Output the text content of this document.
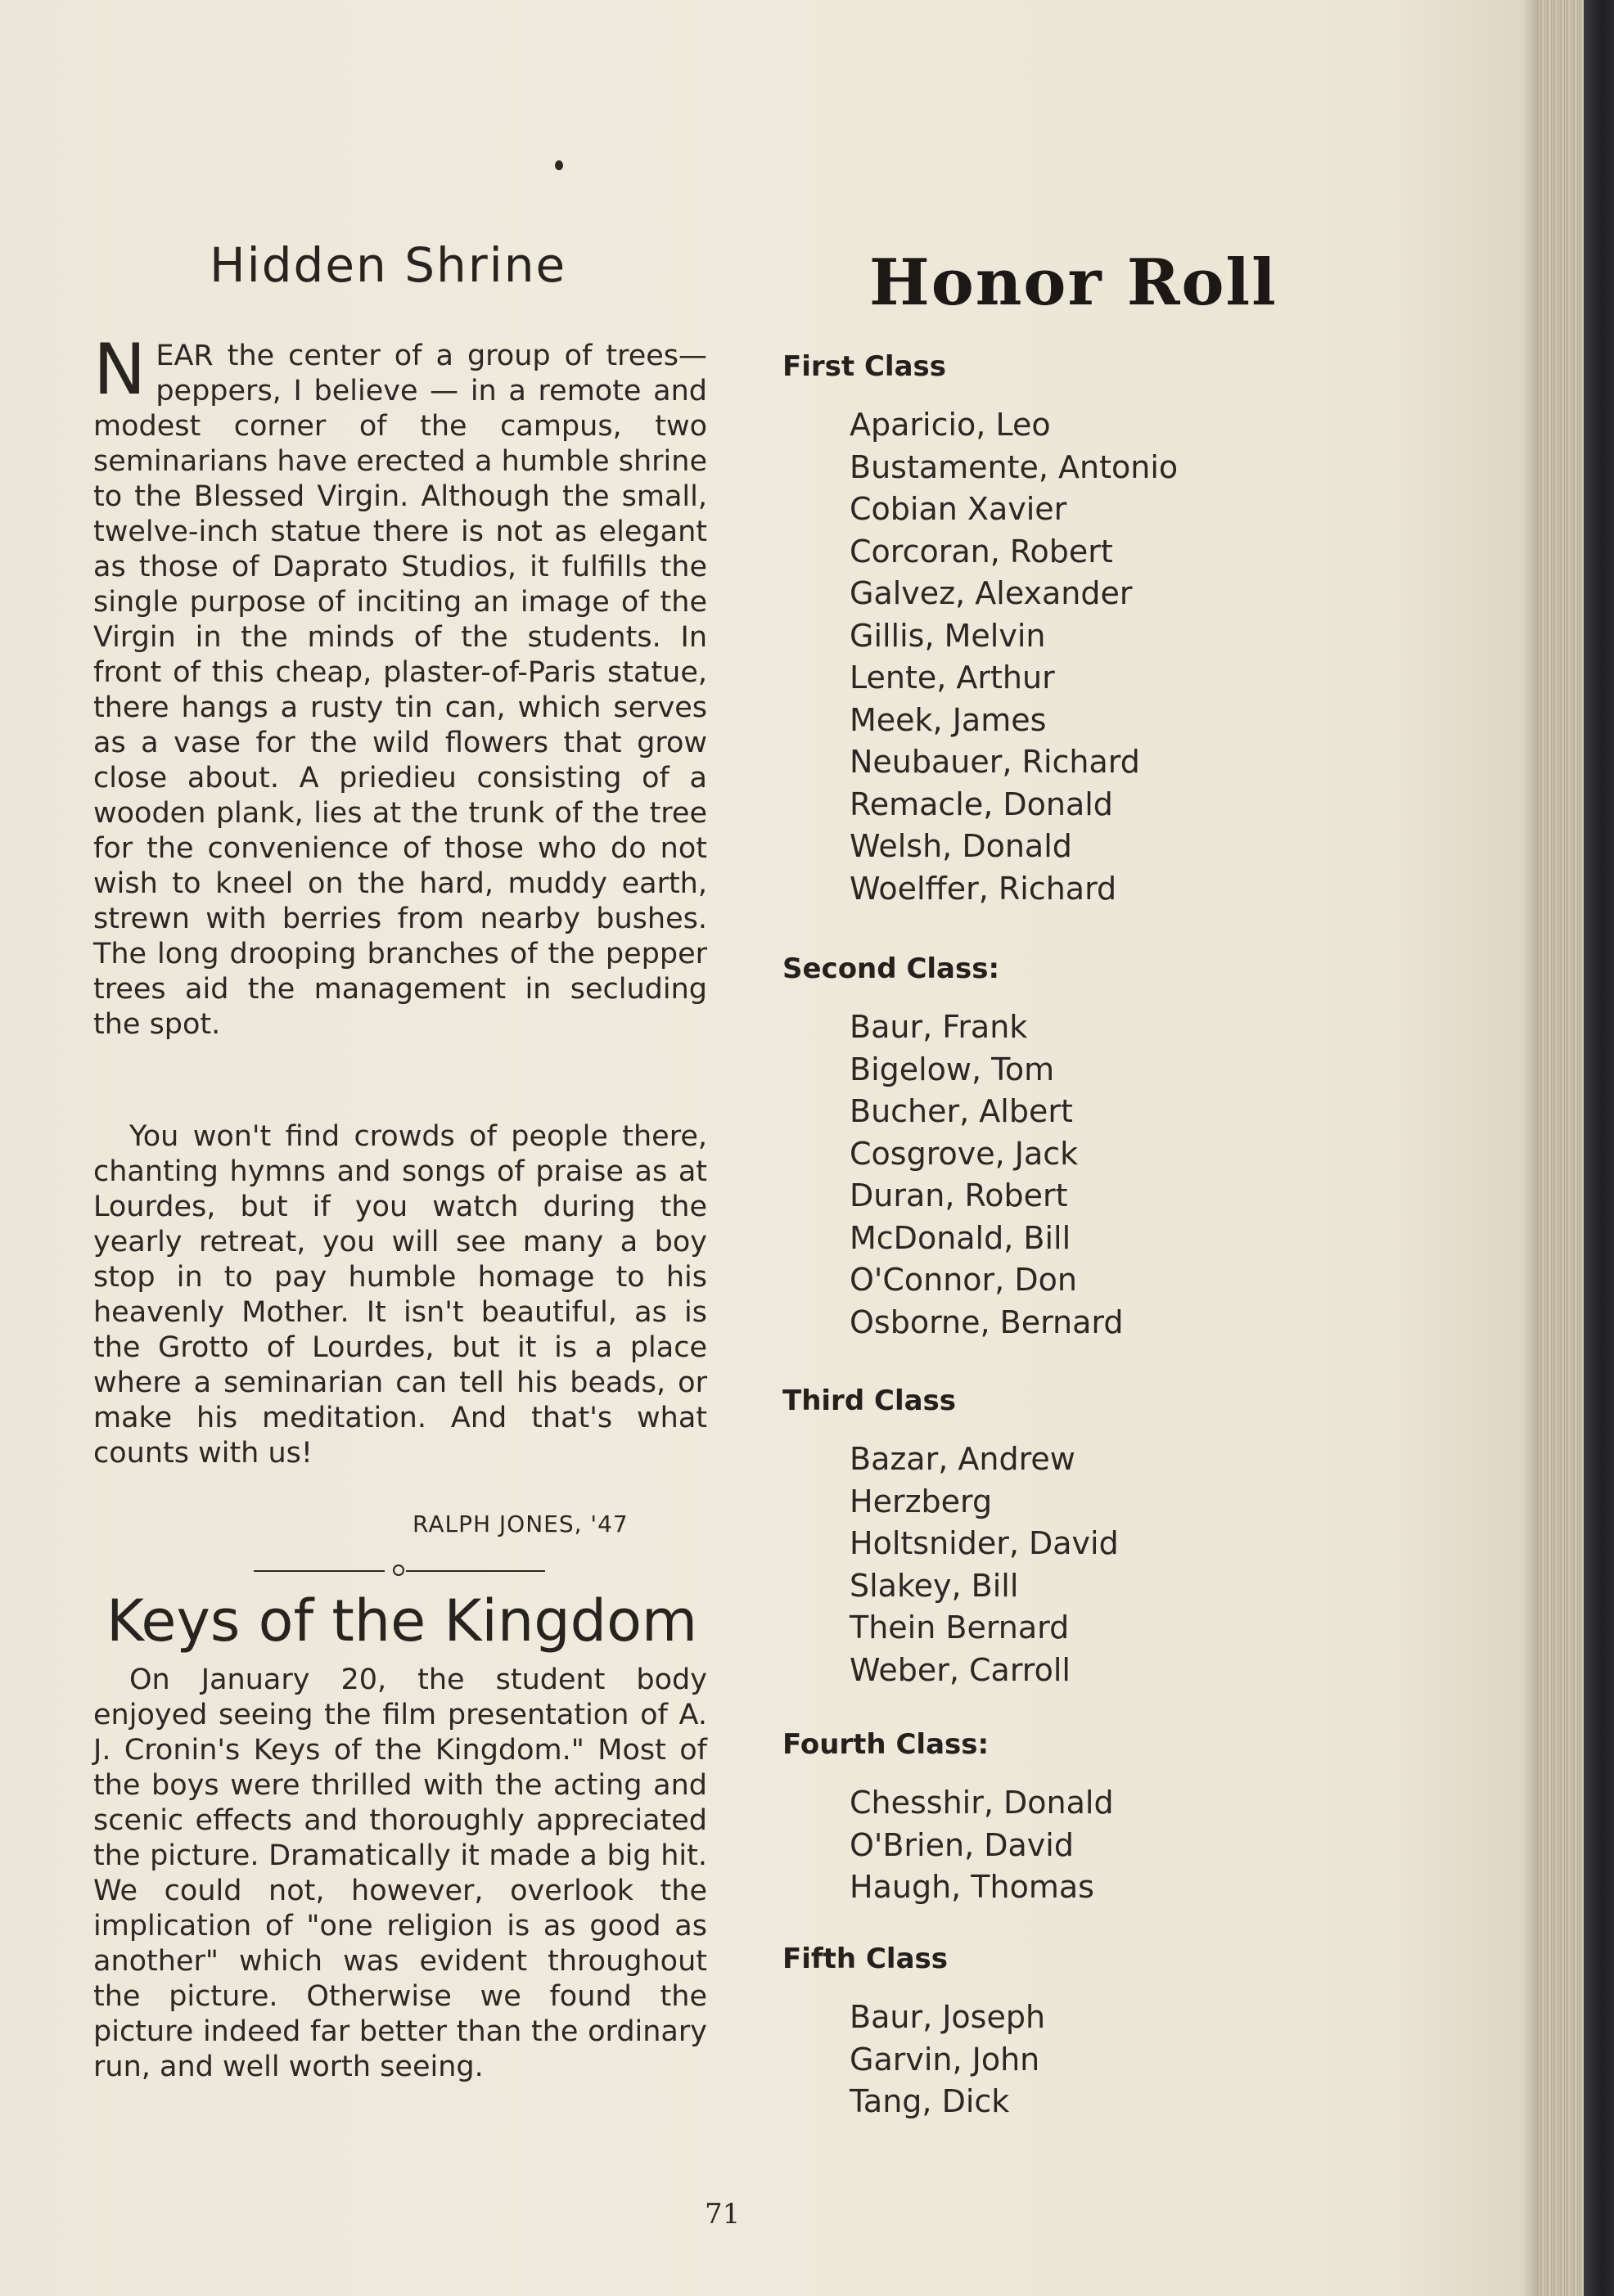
Hidden Shrine

NEAR the center of a group of trees—peppers, I believe — in a remote and modest corner of the campus, two seminarians have erected a humble shrine to the Blessed Virgin. Although the small, twelve-inch statue there is not as elegant as those of Daprato Studios, it fulfills the single purpose of inciting an image of the Virgin in the minds of the students. In front of this cheap, plaster-of-Paris statue, there hangs a rusty tin can, which serves as a vase for the wild flowers that grow close about. A priedieu consisting of a wooden plank, lies at the trunk of the tree for the convenience of those who do not wish to kneel on the hard, muddy earth, strewn with berries from nearby bushes. The long drooping branches of the pepper trees aid the management in secluding the spot.

You won't find crowds of people there, chanting hymns and songs of praise as at Lourdes, but if you watch during the yearly retreat, you will see many a boy stop in to pay humble homage to his heavenly Mother. It isn't beautiful, as is the Grotto of Lourdes, but it is a place where a seminarian can tell his beads, or make his meditation. And that's what counts with us!

RALPH JONES, '47

Keys of the Kingdom

On January 20, the student body enjoyed seeing the film presentation of A. J. Cronin's Keys of the Kingdom." Most of the boys were thrilled with the acting and scenic effects and thoroughly appreciated the picture. Dramatically it made a big hit. We could not, however, overlook the implication of "one religion is as good as another" which was evident throughout the picture. Otherwise we found the picture indeed far better than the ordinary run, and well worth seeing.

Honor Roll
First Class
Aparicio, Leo
Bustamente, Antonio
Cobian Xavier
Corcoran, Robert
Galvez, Alexander
Gillis, Melvin
Lente, Arthur
Meek, James
Neubauer, Richard
Remacle, Donald
Welsh, Donald
Woelffer, Richard
Second Class:
Baur, Frank
Bigelow, Tom
Bucher, Albert
Cosgrove, Jack
Duran, Robert
McDonald, Bill
O'Connor, Don
Osborne, Bernard
Third Class
Bazar, Andrew
Herzberg
Holtsnider, David
Slakey, Bill
Thein Bernard
Weber, Carroll
Fourth Class:
Chesshir, Donald
O'Brien, David
Haugh, Thomas
Fifth Class
Baur, Joseph
Garvin, John
Tang, Dick

71
